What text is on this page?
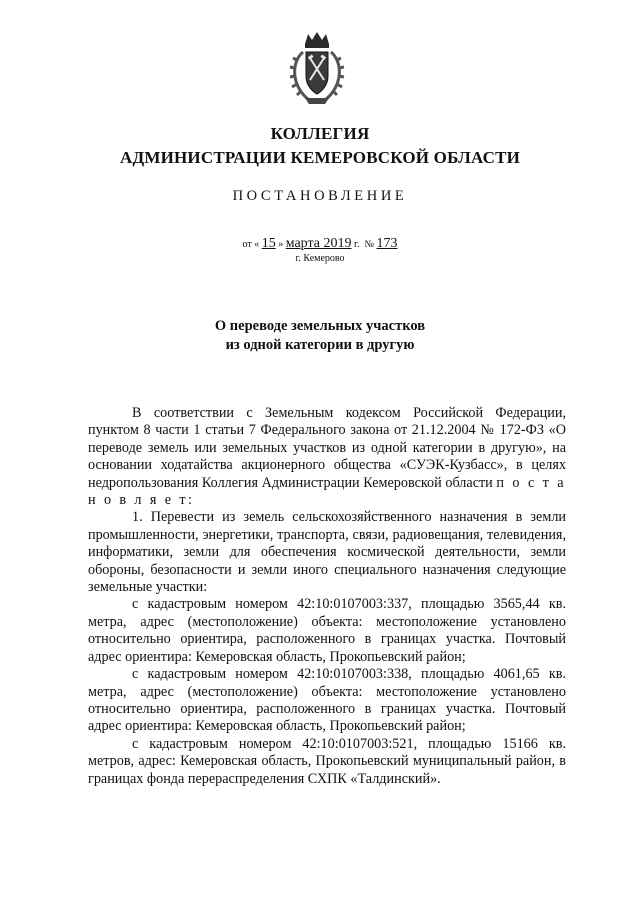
КОЛЛЕГИЯ
АДМИНИСТРАЦИИ КЕМЕРОВСКОЙ ОБЛАСТИ
ПОСТАНОВЛЕНИЕ
от « 15 » марта 2019 г. № 173
г. Кемерово
О переводе земельных участков
из одной категории в другую

В соответствии с Земельным кодексом Российской Федерации, пунктом 8 части 1 статьи 7 Федерального закона от 21.12.2004 № 172-ФЗ «О переводе земель или земельных участков из одной категории в другую», на основании ходатайства акционерного общества «СУЭК-Кузбасс», в целях недропользования Коллегия Администрации Кемеровской области п о с т а н о в л я е т:

1. Перевести из земель сельскохозяйственного назначения в земли промышленности, энергетики, транспорта, связи, радиовещания, телевидения, информатики, земли для обеспечения космической деятельности, земли обороны, безопасности и земли иного специального назначения следующие земельные участки:

с кадастровым номером 42:10:0107003:337, площадью 3565,44 кв. метра, адрес (местоположение) объекта: местоположение установлено относительно ориентира, расположенного в границах участка. Почтовый адрес ориентира: Кемеровская область, Прокопьевский район;

с кадастровым номером 42:10:0107003:338, площадью 4061,65 кв. метра, адрес (местоположение) объекта: местоположение установлено относительно ориентира, расположенного в границах участка. Почтовый адрес ориентира: Кемеровская область, Прокопьевский район;

с кадастровым номером 42:10:0107003:521, площадью 15166 кв. метров, адрес: Кемеровская область, Прокопьевский муниципальный район, в границах фонда перераспределения СХПК «Талдинский».
